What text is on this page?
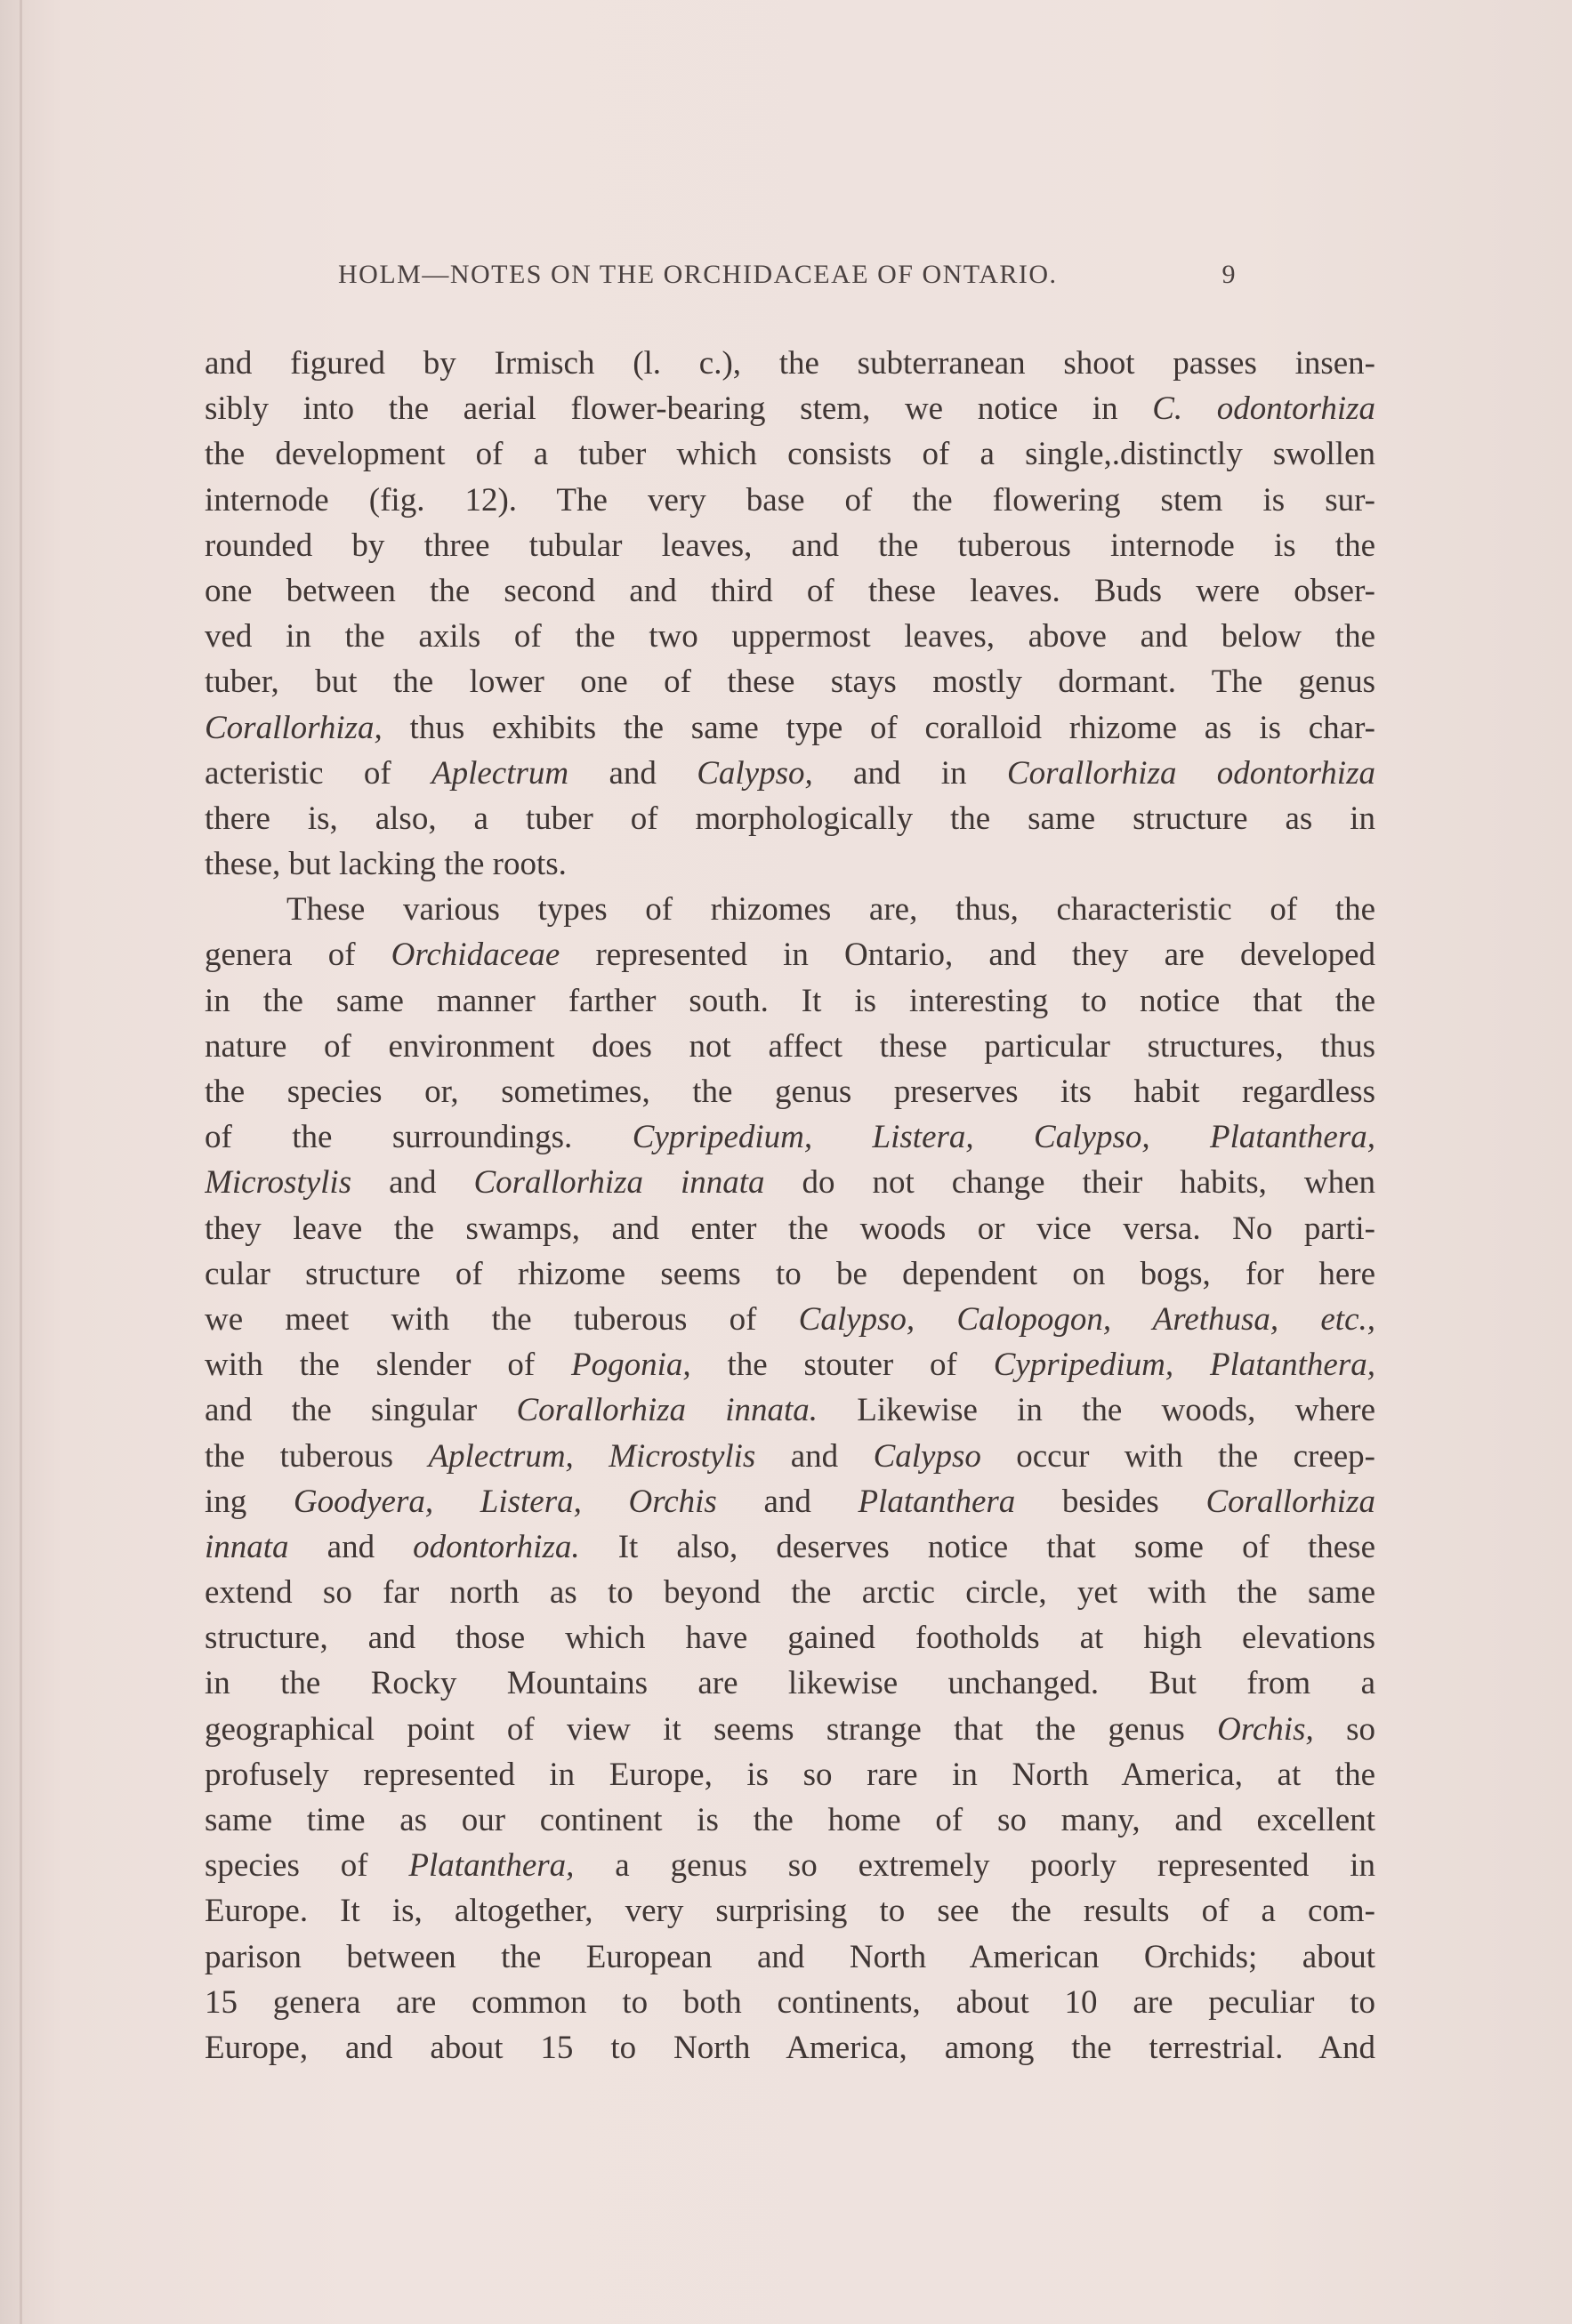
HOLM—NOTES ON THE ORCHIDACEAE OF ONTARIO.	9
and figured by Irmisch (l. c.), the subterranean shoot passes insen-
sibly into the aerial flower-bearing stem, we notice in C. odontorhiza
the development of a tuber which consists of a single,.distinctly swollen
internode (fig. 12). The very base of the flowering stem is sur-
rounded by three tubular leaves, and the tuberous internode is the
one between the second and third of these leaves. Buds were obser-
ved in the axils of the two uppermost leaves, above and below the
tuber, but the lower one of these stays mostly dormant. The genus
Corallorhiza, thus exhibits the same type of coralloid rhizome as is char-
acteristic of Aplectrum and Calypso, and in Corallorhiza odontorhiza
there is, also, a tuber of morphologically the same structure as in
these, but lacking the roots.
These various types of rhizomes are, thus, characteristic of the
genera of Orchidaceae represented in Ontario, and they are developed
in the same manner farther south. It is interesting to notice that the
nature of environment does not affect these particular structures, thus
the species or, sometimes, the genus preserves its habit regardless
of the surroundings. Cypripedium, Listera, Calypso, Platanthera,
Microstylis and Corallorhiza innata do not change their habits, when
they leave the swamps, and enter the woods or vice versa. No parti-
cular structure of rhizome seems to be dependent on bogs, for here
we meet with the tuberous of Calypso, Calopogon, Arethusa, etc.,
with the slender of Pogonia, the stouter of Cypripedium, Platanthera,
and the singular Corallorhiza innata. Likewise in the woods, where
the tuberous Aplectrum, Microstylis and Calypso occur with the creep-
ing Goodyera, Listera, Orchis and Platanthera besides Corallorhiza
innata and odontorhiza. It also, deserves notice that some of these
extend so far north as to beyond the arctic circle, yet with the same
structure, and those which have gained footholds at high elevations
in the Rocky Mountains are likewise unchanged. But from a
geographical point of view it seems strange that the genus Orchis, so
profusely represented in Europe, is so rare in North America, at the
same time as our continent is the home of so many, and excellent
species of Platanthera, a genus so extremely poorly represented in
Europe. It is, altogether, very surprising to see the results of a com-
parison between the European and North American Orchids; about
15 genera are common to both continents, about 10 are peculiar to
Europe, and about 15 to North America, among the terrestrial. And
